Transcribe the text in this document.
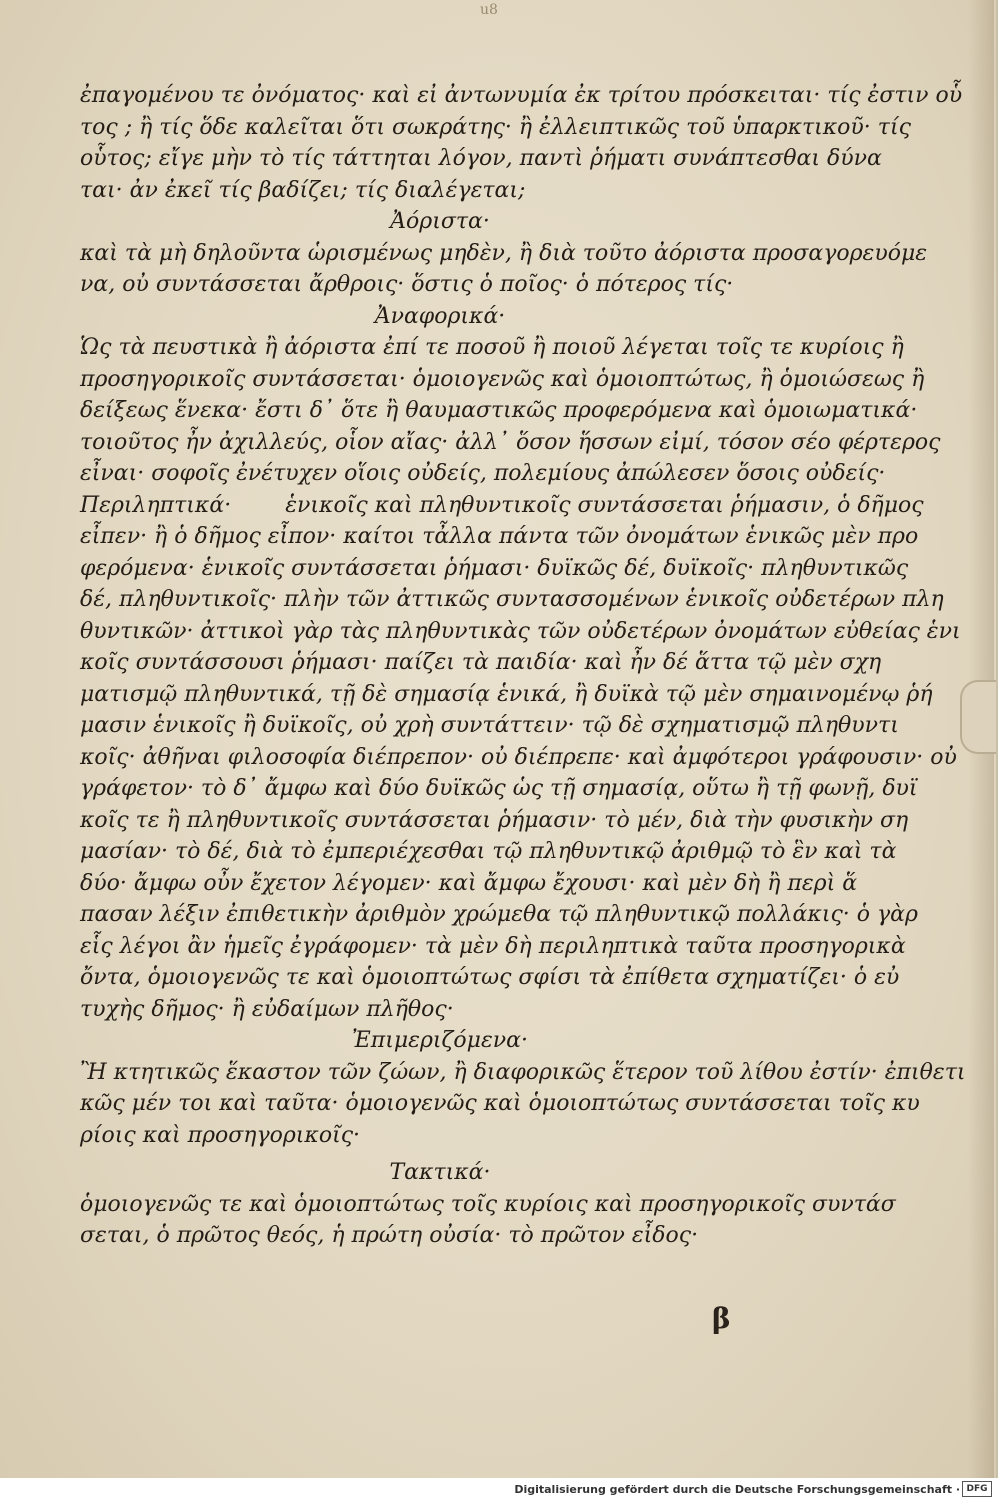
u8
ἐπαγομένου τε ὀνόματος· καὶ εἰ ἀντωνυμία ἐκ τρίτου πρόσκειται· τίς ἐστιν οὗ
τος ; ἢ τίς ὅδε καλεῖται ὅτι σωκράτης· ἢ ἐλλειπτικῶς τοῦ ὑπαρκτικοῦ· τίς
οὗτος; εἴγε μὴν τὸ τίς τάττηται λόγον, παντὶ ῥήματι συνάπτεσθαι δύνα
ται· ἀν ἐκεῖ τίς βαδίζει; τίς διαλέγεται;
Ἀόριστα·
καὶ τὰ μὴ δηλοῦντα ὡρισμένως μηδὲν, ἢ διὰ τοῦτο ἀόριστα προσαγορευόμε
να, οὐ συντάσσεται ἄρθροις· ὅστις ὁ ποῖος· ὁ πότερος τίς·
Ἀναφορικά·
Ὡς τὰ πευστικὰ ἢ ἀόριστα ἐπί τε ποσοῦ ἢ ποιοῦ λέγεται τοῖς τε κυρίοις ἢ
προσηγορικοῖς συντάσσεται· ὁμοιογενῶς καὶ ὁμοιοπτώτως, ἢ ὁμοιώσεως ἢ
δείξεως ἕνεκα· ἔστι δ᾽ ὅτε ἢ θαυμαστικῶς προφερόμενα καὶ ὁμοιωματικά·
τοιοῦτος ἦν ἀχιλλεύς, οἷον αἴας· ἀλλ᾽ ὅσον ἥσσων εἰμί, τόσον σέο φέρτερος
εἶναι· σοφοῖς ἐνέτυχεν οἵοις οὐδείς, πολεμίους ἀπώλεσεν ὅσοις οὐδείς·
Περιληπτικά· ἑνικοῖς καὶ πληθυντικοῖς συντάσσεται ῥήμασιν, ὁ δῆμος
εἶπεν· ἢ ὁ δῆμος εἶπον· καίτοι τἆλλα πάντα τῶν ὀνομάτων ἑνικῶς μὲν προ
φερόμενα· ἑνικοῖς συντάσσεται ῥήμασι· δυϊκῶς δέ, δυϊκοῖς· πληθυντικῶς
δέ, πληθυντικοῖς· πλὴν τῶν ἀττικῶς συντασσομένων ἑνικοῖς οὐδετέρων πλη
θυντικῶν· ἀττικοὶ γὰρ τὰς πληθυντικὰς τῶν οὐδετέρων ὀνομάτων εὐθείας ἑνι
κοῖς συντάσσουσι ῥήμασι· παίζει τὰ παιδία· καὶ ἦν δέ ἅττα τῷ μὲν σχη
ματισμῷ πληθυντικά, τῇ δὲ σημασίᾳ ἑνικά, ἢ δυϊκὰ τῷ μὲν σημαινομένῳ ῥή
μασιν ἑνικοῖς ἢ δυϊκοῖς, οὐ χρὴ συντάττειν· τῷ δὲ σχηματισμῷ πληθυντι
κοῖς· ἀθῆναι φιλοσοφία διέπρεπον· οὐ διέπρεπε· καὶ ἀμφότεροι γράφουσιν· οὐ
γράφετον· τὸ δ᾽ ἄμφω καὶ δύο δυϊκῶς ὡς τῇ σημασίᾳ, οὕτω ἢ τῇ φωνῇ, δυϊ
κοῖς τε ἢ πληθυντικοῖς συντάσσεται ῥήμασιν· τὸ μέν, διὰ τὴν φυσικὴν ση
μασίαν· τὸ δέ, διὰ τὸ ἐμπεριέχεσθαι τῷ πληθυντικῷ ἀριθμῷ τὸ ἓν καὶ τὰ
δύο· ἄμφω οὖν ἔχετον λέγομεν· καὶ ἄμφω ἔχουσι· καὶ μὲν δὴ ἢ περὶ ἅ
πασαν λέξιν ἐπιθετικὴν ἀριθμὸν χρώμεθα τῷ πληθυντικῷ πολλάκις· ὁ γὰρ
εἷς λέγοι ἂν ἡμεῖς ἐγράφομεν· τὰ μὲν δὴ περιληπτικὰ ταῦτα προσηγορικὰ
ὄντα, ὁμοιογενῶς τε καὶ ὁμοιοπτώτως σφίσι τὰ ἐπίθετα σχηματίζει· ὁ εὐ
τυχὴς δῆμος· ἢ εὐδαίμων πλῆθος·
Ἐπιμεριζόμενα·
Ἢ κτητικῶς ἕκαστον τῶν ζώων, ἢ διαφορικῶς ἕτερον τοῦ λίθου ἐστίν· ἐπιθετι
κῶς μέν τοι καὶ ταῦτα· ὁμοιογενῶς καὶ ὁμοιοπτώτως συντάσσεται τοῖς κυ
ρίοις καὶ προσηγορικοῖς·
Τακτικά·
ὁμοιογενῶς τε καὶ ὁμοιοπτώτως τοῖς κυρίοις καὶ προσηγορικοῖς συντάσ
σεται, ὁ πρῶτος θεός, ἡ πρώτη οὐσία· τὸ πρῶτον εἶδος·
β
Digitalisierung gefördert durch die Deutsche Forschungsgemeinschaft · DFG
